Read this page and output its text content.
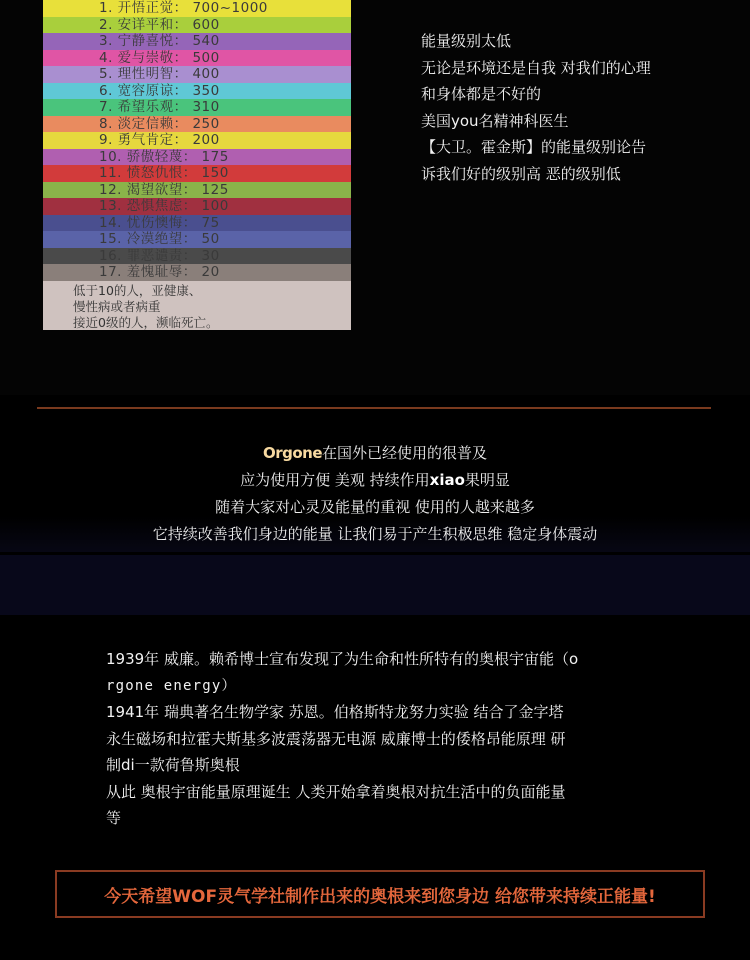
1. 开悟正觉： 700~1000
2. 安详平和： 600
3. 宁静喜悦： 540
4. 爱与崇敬： 500
5. 理性明智： 400
6. 宽容原谅： 350
7. 希望乐观： 310
8. 淡定信赖： 250
9. 勇气肯定： 200
10. 骄傲轻蔑： 175
11. 愤怒仇恨： 150
12. 渴望欲望： 125
13. 恐惧焦虑： 100
14. 忧伤懊悔： 75
15. 冷漠绝望： 50
16. 罪恶谴责： 30
17. 羞愧耻辱： 20
低于10的人，亚健康、
慢性病或者病重
接近0级的人，濒临死亡。
能量级别太低
无论是环境还是自我 对我们的心理
和身体都是不好的
美国you名精神科医生
【大卫。霍金斯】的能量级别论告
诉我们好的级别高 恶的级别低
Orgone在国外已经使用的很普及
应为使用方便 美观 持续作用xiao果明显
随着大家对心灵及能量的重视 使用的人越来越多
它持续改善我们身边的能量 让我们易于产生积极思维 稳定身体震动
1939年 威廉。赖希博士宣布发现了为生命和性所特有的奥根宇宙能（o
rgone energy）
1941年 瑞典著名生物学家 苏恩。伯格斯特龙努力实验 结合了金字塔
永生磁场和拉霍夫斯基多波震荡器无电源 威廉博士的倭格昂能原理 研
制di一款荷鲁斯奥根
从此 奥根宇宙能量原理诞生 人类开始拿着奥根对抗生活中的负面能量
等
今天希望WOF灵气学社制作出来的奥根来到您身边 给您带来持续正能量!
